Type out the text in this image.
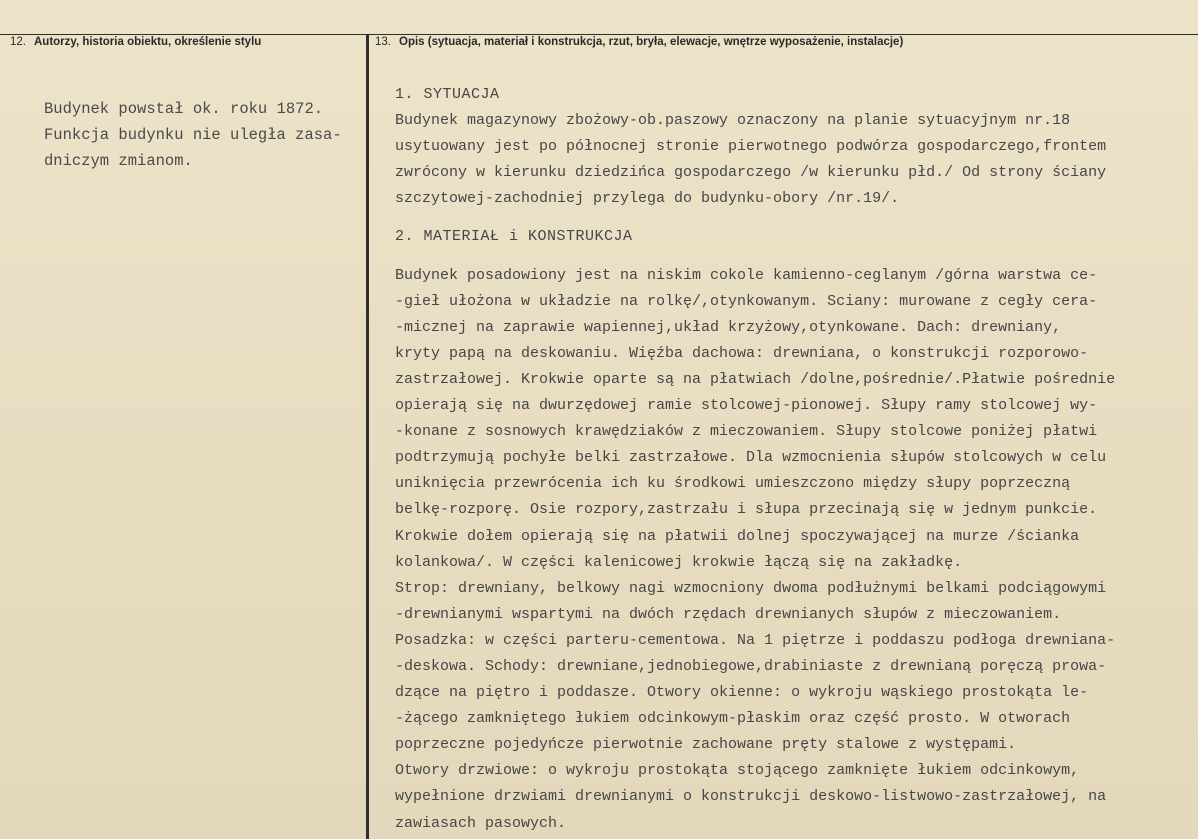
12. Autorzy, historia obiektu, określenie stylu	13. Opis (sytuacja, materiał i konstrukcja, rzut, bryła, elewacje, wnętrze wyposażenie, instalacje)
Budynek powstał ok. roku 1872.
Funkcja budynku nie uległa zasa-
dniczym zmianom.
1. SYTUACJA
Budynek magazynowy zbożowy-ob.paszowy oznaczony na planie sytuacyjnym nr.18
usytuowany jest po północnej stronie pierwotnego podwórza gospodarczego,frontem
zwrócony w kierunku dziedzińca gospodarczego /w kierunku płd./ Od strony ściany
szczytowej-zachodniej przylega do budynku-obory /nr.19/.
2. MATERIAŁ i KONSTRUKCJA
Budynek posadowiony jest na niskim cokole kamienno-ceglanym /górna warstwa ce-
-gieł ułożona w układzie na rolkę/,otynkowanym. Sciany: murowane z cegły cera-
-micznej na zaprawie wapiennej,układ krzyżowy,otynkowane. Dach: drewniany,
kryty papą na deskowaniu. Więźba dachowa: drewniana, o konstrukcji rozporowo-
zastrzałowej. Krokwie oparte są na płatwiach /dolne,pośrednie/.Płatwie pośrednie
opierają się na dwurzędowej ramie stolcowej-pionowej. Słupy ramy stolcowej wy-
-konane z sosnowych krawędziaków z mieczowaniem. Słupy stolcowe poniżej płatwi
podtrzymują pochyłe belki zastrzałowe. Dla wzmocnienia słupów stolcowych w celu
uniknięcia przewrócenia ich ku środkowi umieszczono między słupy poprzeczną
belkę-rozporę. Osie rozpory,zastrzału i słupa przecinają się w jednym punkcie.
Krokwie dołem opierają się na płatwii dolnej spoczywającej na murze /ścianka
kolankowa/. W części kalenicowej krokwie łączą się na zakładkę.
Strop: drewniany, belkowy nagi wzmocniony dwoma podłużnymi belkami podciągowymi
-drewnianymi wspartymi na dwóch rzędach drewnianych słupów z mieczowaniem.
Posadzka: w części parteru-cementowa. Na 1 piętrze i poddaszu podłoga drewniana-
-deskowa. Schody: drewniane,jednobiegowe,drabiniaste z drewnianą poręczą prowa-
dzące na piętro i poddasze. Otwory okienne: o wykroju wąskiego prostokąta le-
-żącego zamkniętego łukiem odcinkowym-płaskim oraz część prosto. W otworach
poprzeczne pojedyńcze pierwotnie zachowane pręty stalowe z występami.
Otwory drzwiowe: o wykroju prostokąta stojącego zamknięte łukiem odcinkowym,
wypełnione drzwiami drewnianymi o konstrukcji deskowo-listwowo-zastrzałowej, na
zawiasach pasowych.
